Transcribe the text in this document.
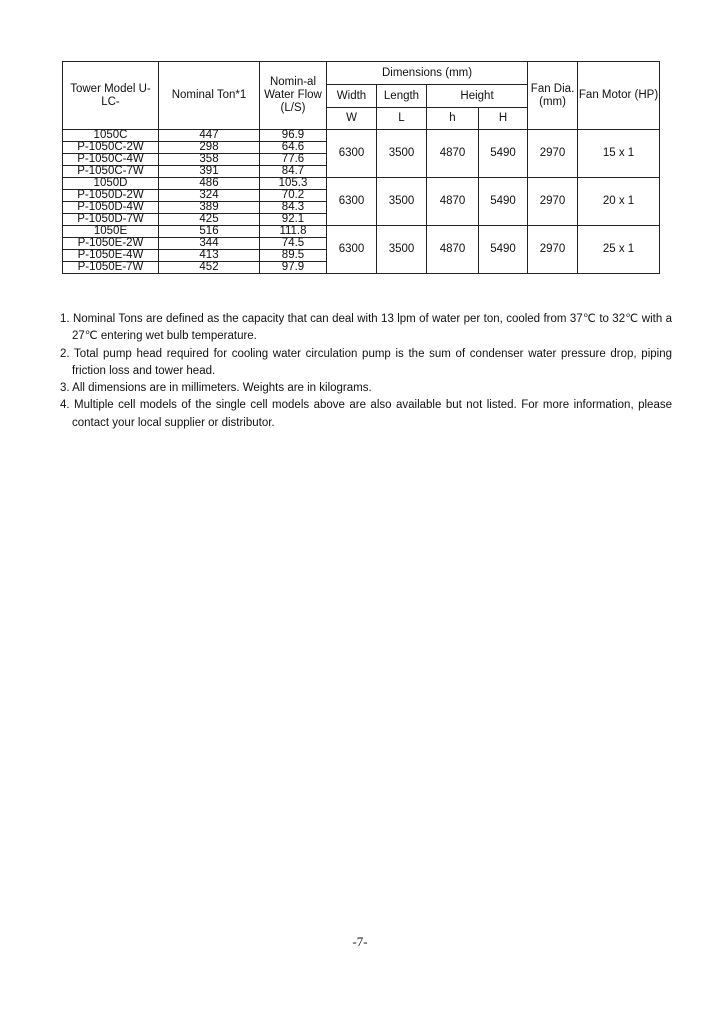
Tower Model U-LC-	Nominal Ton*1	Nomin-al Water Flow (L/S)	Dimensions (mm)				Fan Dia. (mm)	Fan Motor (HP)
			Width	Length	Height			
			W	L	h	H		
1050C	447	96.9	6300	3500	4870	5490	2970	15 x 1
P-1050C-2W	298	64.6						
P-1050C-4W	358	77.6						
P-1050C-7W	391	84.7						
1050D	486	105.3	6300	3500	4870	5490	2970	20 x 1
P-1050D-2W	324	70.2						
P-1050D-4W	389	84.3						
P-1050D-7W	425	92.1						
1050E	516	111.8	6300	3500	4870	5490	2970	25 x 1
P-1050E-2W	344	74.5						
P-1050E-4W	413	89.5						
P-1050E-7W	452	97.9						
1. Nominal Tons are defined as the capacity that can deal with 13 lpm of water per ton, cooled from 37℃ to 32℃ with a 27℃ entering wet bulb temperature.
2. Total pump head required for cooling water circulation pump is the sum of condenser water pressure drop, piping friction loss and tower head.
3. All dimensions are in millimeters. Weights are in kilograms.
4. Multiple cell models of the single cell models above are also available but not listed. For more information, please contact your local supplier or distributor.
-7-
